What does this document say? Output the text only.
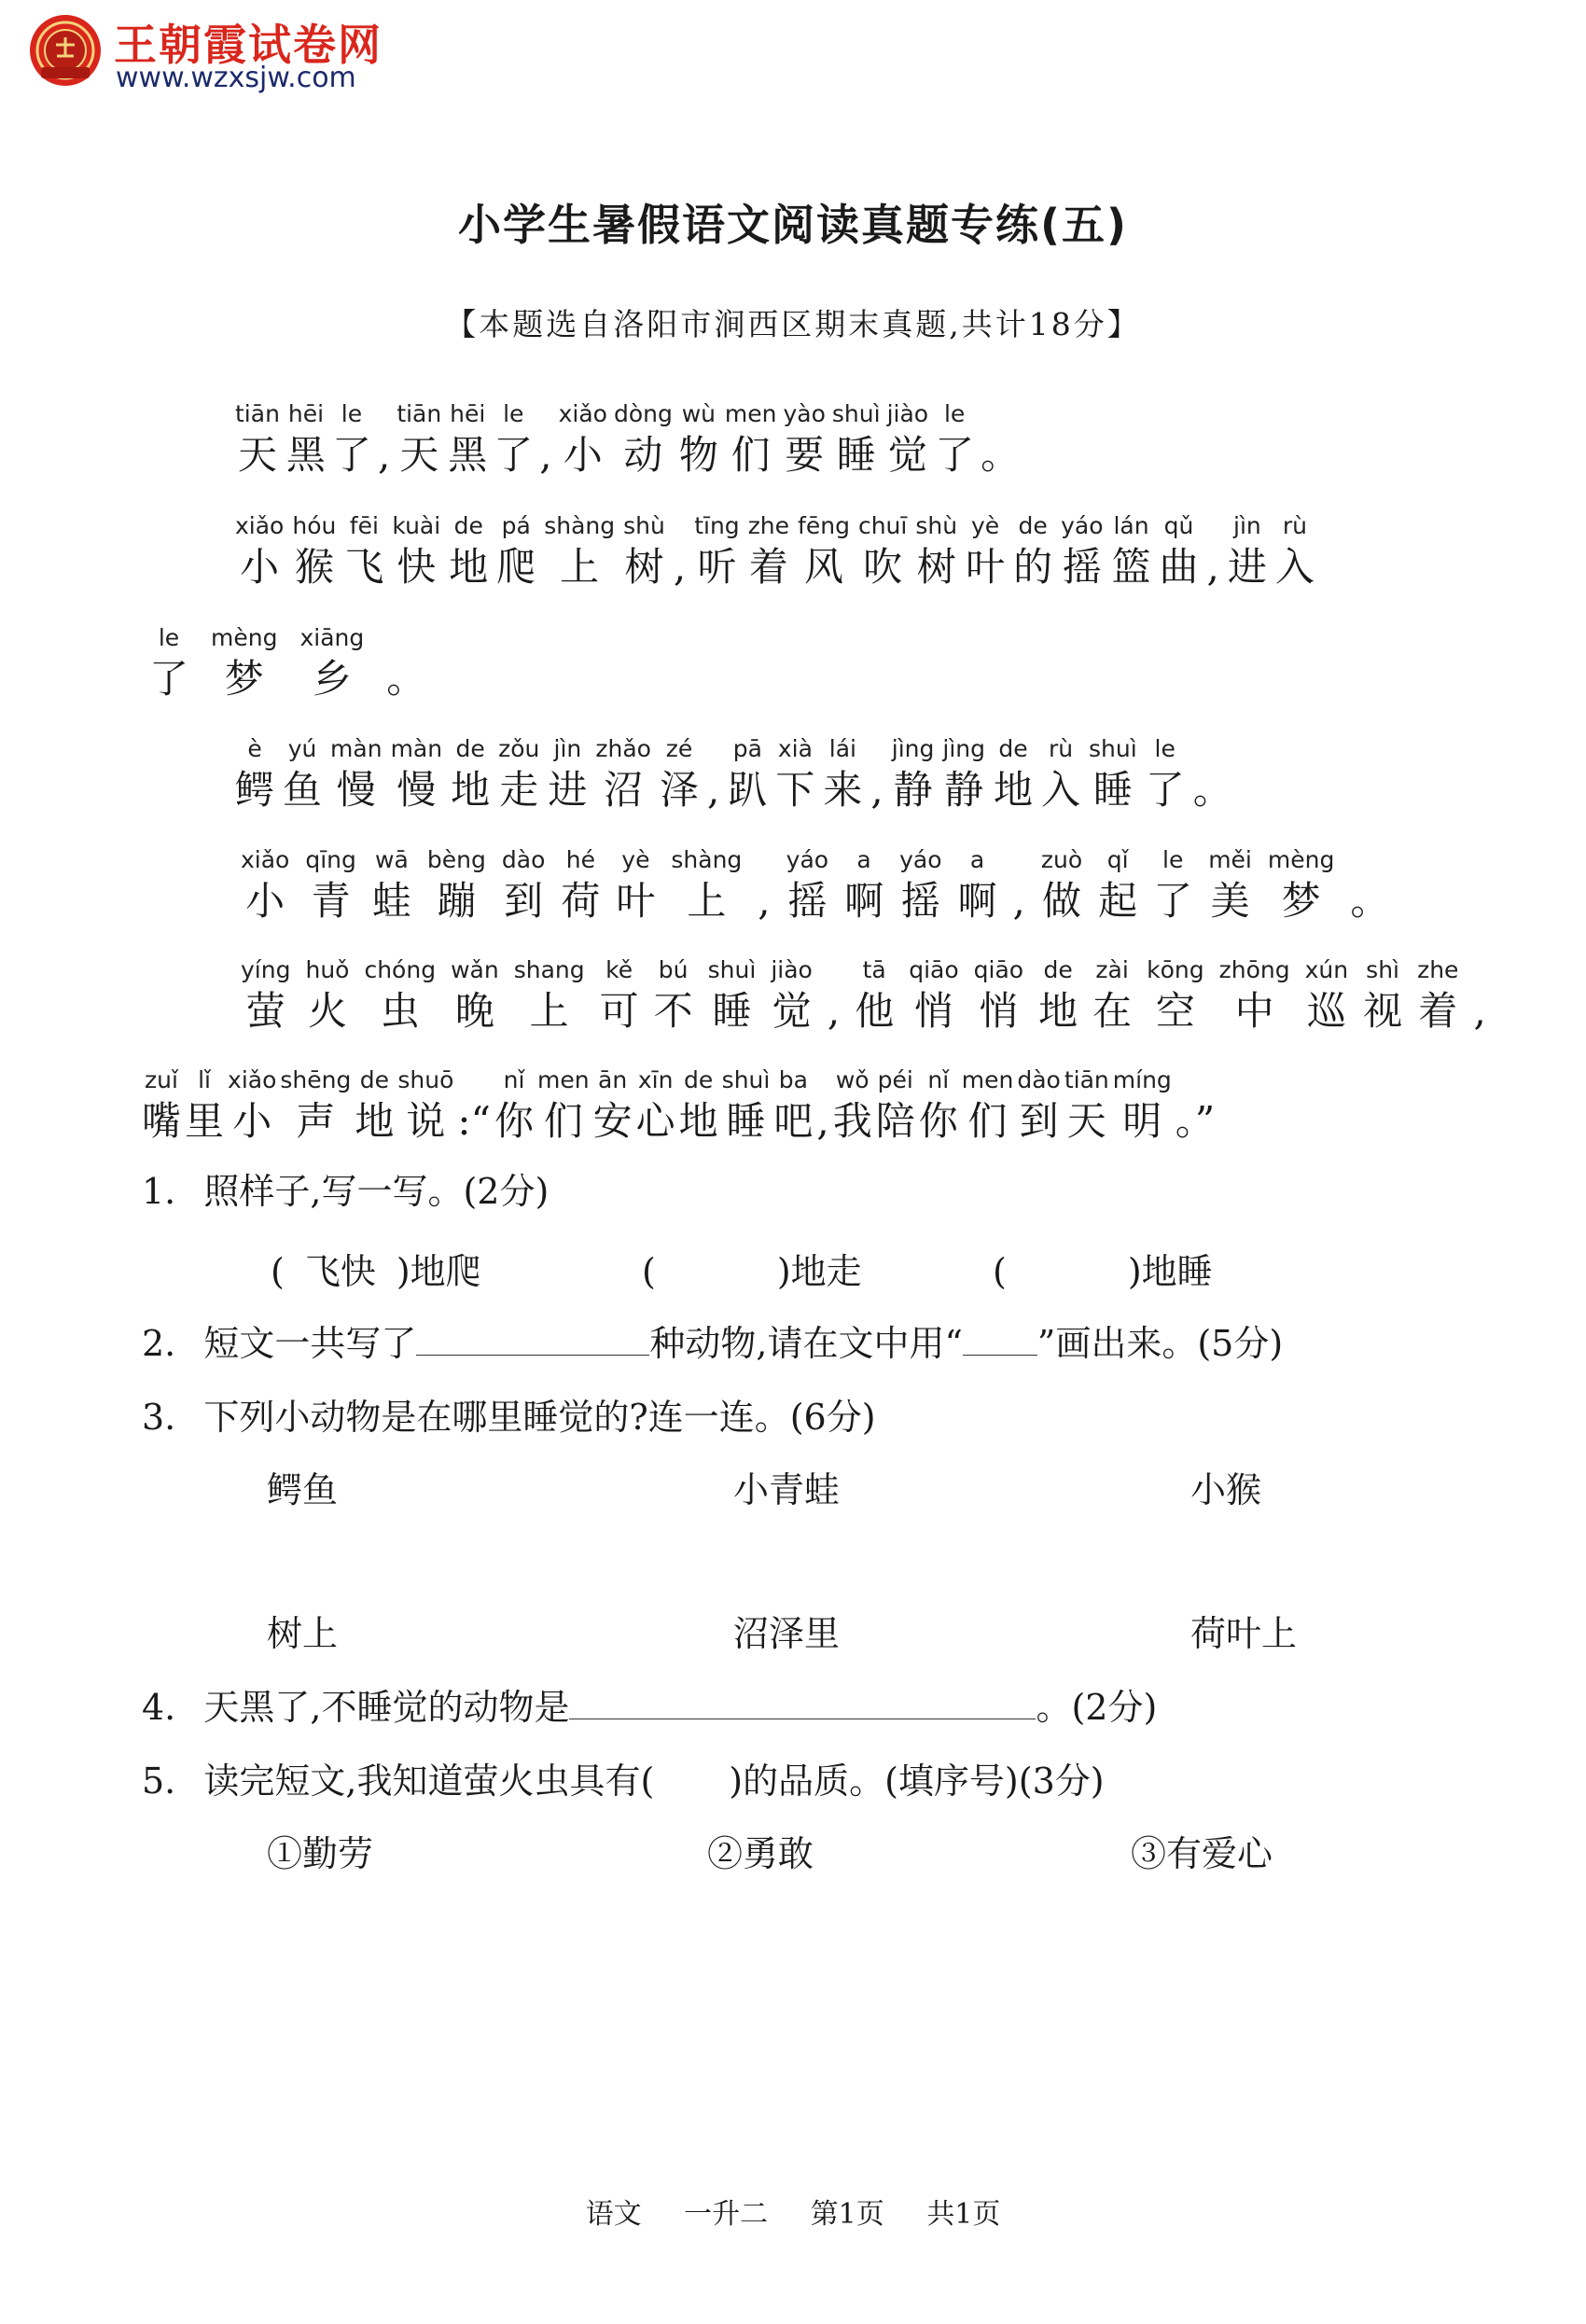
王朝霞试卷网
www.wzxsjw.com
小学生暑假语文阅读真题专练(五)
【本题选自洛阳市涧西区期末真题,共计18分】
tiān
天
hēi
黑
le
了 ,
tiān
天
hēi
黑
le
了 ,
xiǎo
小
dòng
动
wù
物
men
们
yào
要
shuì
睡
jiào
觉
le
了 。
xiǎo
小
hóu
猴
fēi
飞
kuài
快
de
地
pá
爬
shàng
上
shù
树 ,
tīng
听
zhe
着
fēng
风
chuī
吹
shù
树
yè
叶
de
的
yáo
摇
lán
篮
qǔ
曲 ,
jìn
进
rù
入
le
了
mèng
梦
xiāng
乡 。
è
鳄
yú
鱼
màn
慢
màn
慢
de
地
zǒu
走
jìn
进
zhǎo
沼
zé
泽 ,
pā
趴
xià
下
lái
来 ,
jìng
静
jìng
静
de
地
rù
入
shuì
睡
le
了 。
xiǎo
小
qīng
青
wā
蛙
bèng
蹦
dào
到
hé
荷
yè
叶
shàng
上 ,
yáo
摇
a
啊
yáo
摇
a
啊 ,
zuò
做
qǐ
起
le
了
měi
美
mèng
梦 。
yíng
萤
huǒ
火
chóng
虫
wǎn
晚
shang
上
kě
可
bú
不
shuì
睡
jiào
觉 ,
tā
他
qiāo
悄
qiāo
悄
de
地
zài
在
kōng
空
zhōng
中
xún
巡
shì
视
zhe
着 ,
zuǐ
嘴
lǐ
里
xiǎo
小
shēng
声
de
地
shuō
说 :“
nǐ
你
men
们
ān
安
xīn
心
de
地
shuì
睡
ba
吧 ,
wǒ
我
péi
陪
nǐ
你
men
们
dào
到
tiān
天
míng
明 。”
1. 照样子,写一写。(2分)
( 飞快 )地爬	(	)地走	(	)地睡
2. 短文一共写了	种动物,请在文中用“ ”画出来。(5分)
3. 下列小动物是在哪里睡觉的?连一连。(6分)
鳄鱼	小青蛙	小猴
树上	沼泽里	荷叶上
4. 天黑了,不睡觉的动物是	。(2分)
5. 读完短文,我知道萤火虫具有( )的品质。(填序号)(3分)
①勤劳	②勇敢	③有爱心
语文 一升二 第1页 共1页
